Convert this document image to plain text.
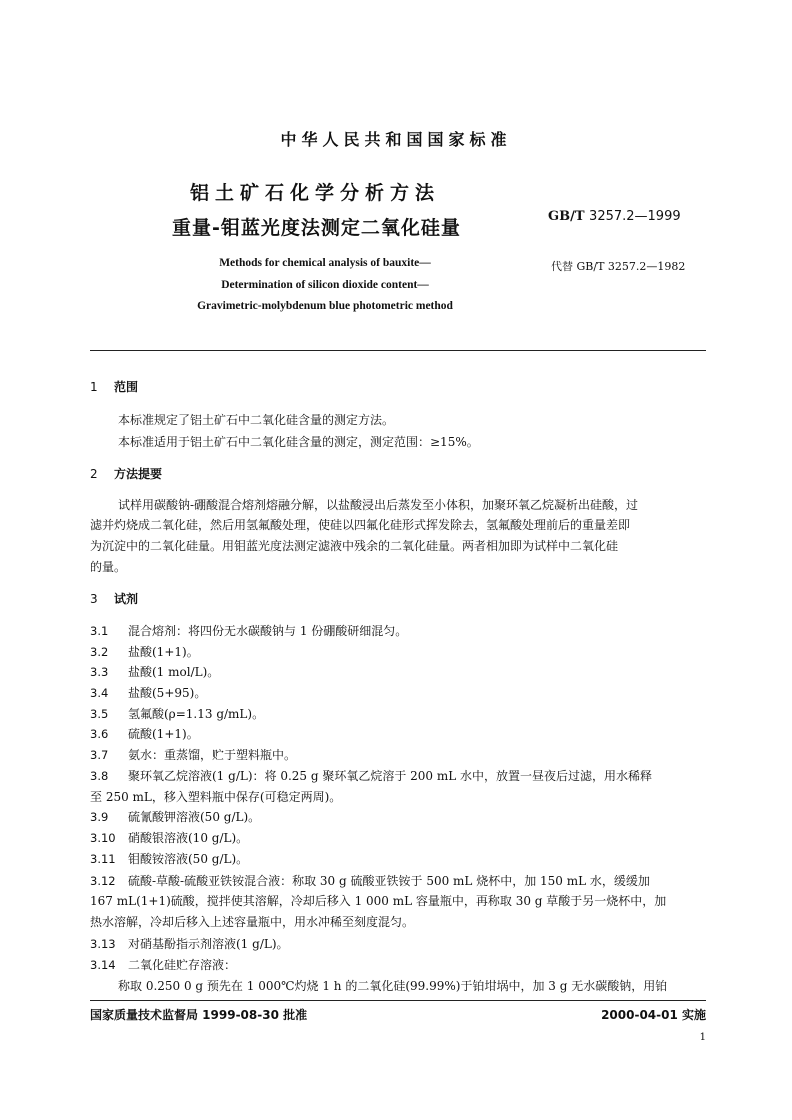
中华人民共和国国家标准
铝土矿石化学分析方法
重量-钼蓝光度法测定二氧化硅量
GB/T 3257.2—1999
Methods for chemical analysis of bauxite—
Determination of silicon dioxide content—
Gravimetric-molybdenum blue photometric method
代替 GB/T 3257.2—1982
1 范围
本标准规定了铝土矿石中二氧化硅含量的测定方法。
本标准适用于铝土矿石中二氧化硅含量的测定，测定范围：≥15%。
2 方法提要
试样用碳酸钠-硼酸混合熔剂熔融分解，以盐酸浸出后蒸发至小体积，加聚环氧乙烷凝析出硅酸，过
滤并灼烧成二氧化硅，然后用氢氟酸处理，使硅以四氟化硅形式挥发除去，氢氟酸处理前后的重量差即
为沉淀中的二氧化硅量。用钼蓝光度法测定滤液中残余的二氧化硅量。两者相加即为试样中二氧化硅
的量。
3 试剂
3.1 混合熔剂：将四份无水碳酸钠与 1 份硼酸研细混匀。
3.2 盐酸(1+1)。
3.3 盐酸(1 mol/L)。
3.4 盐酸(5+95)。
3.5 氢氟酸(ρ=1.13 g/mL)。
3.6 硫酸(1+1)。
3.7 氨水：重蒸馏，贮于塑料瓶中。
3.8 聚环氧乙烷溶液(1 g/L)：将 0.25 g 聚环氧乙烷溶于 200 mL 水中，放置一昼夜后过滤，用水稀释
至 250 mL，移入塑料瓶中保存(可稳定两周)。
3.9 硫氰酸钾溶液(50 g/L)。
3.10 硝酸银溶液(10 g/L)。
3.11 钼酸铵溶液(50 g/L)。
3.12 硫酸-草酸-硫酸亚铁铵混合液：称取 30 g 硫酸亚铁铵于 500 mL 烧杯中，加 150 mL 水，缓缓加
167 mL(1+1)硫酸，搅拌使其溶解，冷却后移入 1 000 mL 容量瓶中，再称取 30 g 草酸于另一烧杯中，加
热水溶解，冷却后移入上述容量瓶中，用水冲稀至刻度混匀。
3.13 对硝基酚指示剂溶液(1 g/L)。
3.14 二氧化硅贮存溶液：
称取 0.250 0 g 预先在 1 000℃灼烧 1 h 的二氧化硅(99.99%)于铂坩埚中，加 3 g 无水碳酸钠，用铂
国家质量技术监督局 1999-08-30 批准	2000-04-01 实施
1
